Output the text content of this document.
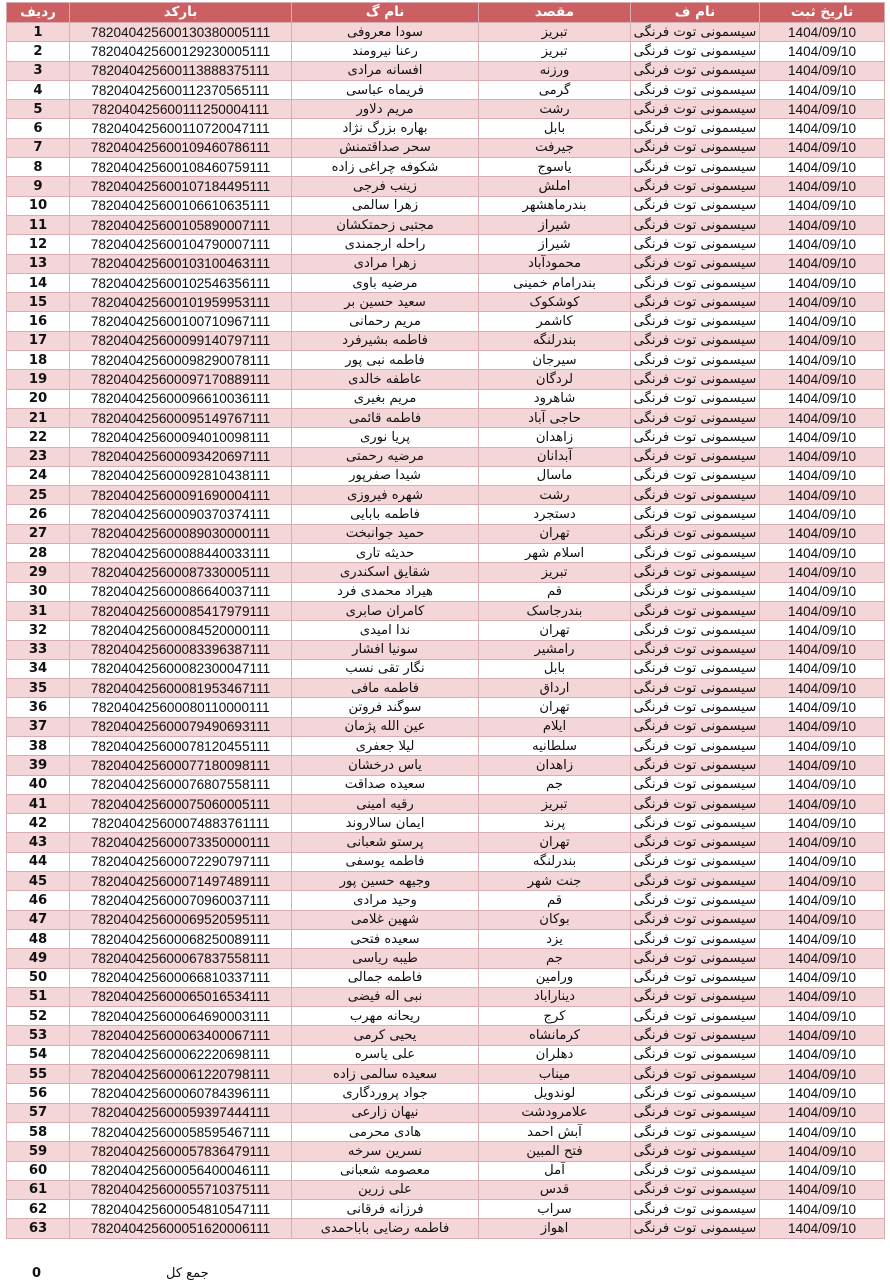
ردیف	بارکد	نام گ	مقصد	نام ف	تاریخ ثبت
1	782040425600130380005111	سودا معروفی	تبریز	سیسمونی توت فرنگی	1404/09/10
2	782040425600129230005111	رعنا نیرومند	تبریز	سیسمونی توت فرنگی	1404/09/10
3	782040425600113888375111	افسانه مرادی	ورزنه	سیسمونی توت فرنگی	1404/09/10
4	782040425600112370565111	فریماه عباسی	گرمی	سیسمونی توت فرنگی	1404/09/10
5	782040425600111250004111	مریم دلاور	رشت	سیسمونی توت فرنگی	1404/09/10
6	782040425600110720047111	بهاره بزرگ نژاد	بابل	سیسمونی توت فرنگی	1404/09/10
7	782040425600109460786111	سحر صداقتمنش	جیرفت	سیسمونی توت فرنگی	1404/09/10
8	782040425600108460759111	شکوفه چراغی زاده	یاسوج	سیسمونی توت فرنگی	1404/09/10
9	782040425600107184495111	زینب فرجی	املش	سیسمونی توت فرنگی	1404/09/10
10	782040425600106610635111	زهرا سالمی	بندرماهشهر	سیسمونی توت فرنگی	1404/09/10
11	782040425600105890007111	مجتبی زحمتکشان	شیراز	سیسمونی توت فرنگی	1404/09/10
12	782040425600104790007111	راحله ارجمندی	شیراز	سیسمونی توت فرنگی	1404/09/10
13	782040425600103100463111	زهرا مرادی	محمودآباد	سیسمونی توت فرنگی	1404/09/10
14	782040425600102546356111	مرضیه باوی	بندرامام خمینی	سیسمونی توت فرنگی	1404/09/10
15	782040425600101959953111	سعید حسین بر	کوشکوک	سیسمونی توت فرنگی	1404/09/10
16	782040425600100710967111	مریم رحمانی	کاشمر	سیسمونی توت فرنگی	1404/09/10
17	782040425600099140797111	فاطمه بشیرفرد	بندرلنگه	سیسمونی توت فرنگی	1404/09/10
18	782040425600098290078111	فاطمه نبی پور	سیرجان	سیسمونی توت فرنگی	1404/09/10
19	782040425600097170889111	عاطفه خالدی	لردگان	سیسمونی توت فرنگی	1404/09/10
20	782040425600096610036111	مریم بغیری	شاهرود	سیسمونی توت فرنگی	1404/09/10
21	782040425600095149767111	فاطمه قائمی	حاجی آباد	سیسمونی توت فرنگی	1404/09/10
22	782040425600094010098111	پریا نوری	زاهدان	سیسمونی توت فرنگی	1404/09/10
23	782040425600093420697111	مرضیه رحمتی	آبدانان	سیسمونی توت فرنگی	1404/09/10
24	782040425600092810438111	شیدا صفرپور	ماسال	سیسمونی توت فرنگی	1404/09/10
25	782040425600091690004111	شهره فیروزی	رشت	سیسمونی توت فرنگی	1404/09/10
26	782040425600090370374111	فاطمه بابایی	دستجرد	سیسمونی توت فرنگی	1404/09/10
27	782040425600089030000111	حمید جوانبخت	تهران	سیسمونی توت فرنگی	1404/09/10
28	782040425600088440033111	حدیثه تاری	اسلام شهر	سیسمونی توت فرنگی	1404/09/10
29	782040425600087330005111	شقایق اسکندری	تبریز	سیسمونی توت فرنگی	1404/09/10
30	782040425600086640037111	هیراد محمدی فرد	قم	سیسمونی توت فرنگی	1404/09/10
31	782040425600085417979111	کامران صابری	بندرجاسک	سیسمونی توت فرنگی	1404/09/10
32	782040425600084520000111	ندا امیدی	تهران	سیسمونی توت فرنگی	1404/09/10
33	782040425600083396387111	سونیا افشار	رامشیر	سیسمونی توت فرنگی	1404/09/10
34	782040425600082300047111	نگار تقی نسب	بابل	سیسمونی توت فرنگی	1404/09/10
35	782040425600081953467111	فاطمه مافی	ارداق	سیسمونی توت فرنگی	1404/09/10
36	782040425600080110000111	سوگند فروتن	تهران	سیسمونی توت فرنگی	1404/09/10
37	782040425600079490693111	عین الله پژمان	ایلام	سیسمونی توت فرنگی	1404/09/10
38	782040425600078120455111	لیلا جعفری	سلطانیه	سیسمونی توت فرنگی	1404/09/10
39	782040425600077180098111	یاس درخشان	زاهدان	سیسمونی توت فرنگی	1404/09/10
40	782040425600076807558111	سعیده صداقت	جم	سیسمونی توت فرنگی	1404/09/10
41	782040425600075060005111	رقیه امینی	تبریز	سیسمونی توت فرنگی	1404/09/10
42	782040425600074883761111	ایمان سالاروند	پرند	سیسمونی توت فرنگی	1404/09/10
43	782040425600073350000111	پرستو شعبانی	تهران	سیسمونی توت فرنگی	1404/09/10
44	782040425600072290797111	فاطمه یوسفی	بندرلنگه	سیسمونی توت فرنگی	1404/09/10
45	782040425600071497489111	وجیهه حسین پور	جنت شهر	سیسمونی توت فرنگی	1404/09/10
46	782040425600070960037111	وحید مرادی	قم	سیسمونی توت فرنگی	1404/09/10
47	782040425600069520595111	شهین غلامی	بوکان	سیسمونی توت فرنگی	1404/09/10
48	782040425600068250089111	سعیده فتحی	یزد	سیسمونی توت فرنگی	1404/09/10
49	782040425600067837558111	طیبه ریاسی	جم	سیسمونی توت فرنگی	1404/09/10
50	782040425600066810337111	فاطمه جمالی	ورامین	سیسمونی توت فرنگی	1404/09/10
51	782040425600065016534111	نبی اله فیضی	دیناراباد	سیسمونی توت فرنگی	1404/09/10
52	782040425600064690003111	ریحانه مهرب	کرج	سیسمونی توت فرنگی	1404/09/10
53	782040425600063400067111	یحیی کرمی	کرمانشاه	سیسمونی توت فرنگی	1404/09/10
54	782040425600062220698111	علی یاسره	دهلران	سیسمونی توت فرنگی	1404/09/10
55	782040425600061220798111	سعیده سالمی زاده	میناب	سیسمونی توت فرنگی	1404/09/10
56	782040425600060784396111	جواد پروردگاری	لوندویل	سیسمونی توت فرنگی	1404/09/10
57	782040425600059397444111	نیهان زارعی	علامرودشت	سیسمونی توت فرنگی	1404/09/10
58	782040425600058595467111	هادی محرمی	آبش احمد	سیسمونی توت فرنگی	1404/09/10
59	782040425600057836479111	نسرین سرخه	فتح المبین	سیسمونی توت فرنگی	1404/09/10
60	782040425600056400046111	معصومه شعبانی	آمل	سیسمونی توت فرنگی	1404/09/10
61	782040425600055710375111	علی زرین	قدس	سیسمونی توت فرنگی	1404/09/10
62	782040425600054810547111	فرزانه فرقانی	سراب	سیسمونی توت فرنگی	1404/09/10
63	782040425600051620006111	فاطمه رضایی باباحمدی	اهواز	سیسمونی توت فرنگی	1404/09/10
0	جمع کل
